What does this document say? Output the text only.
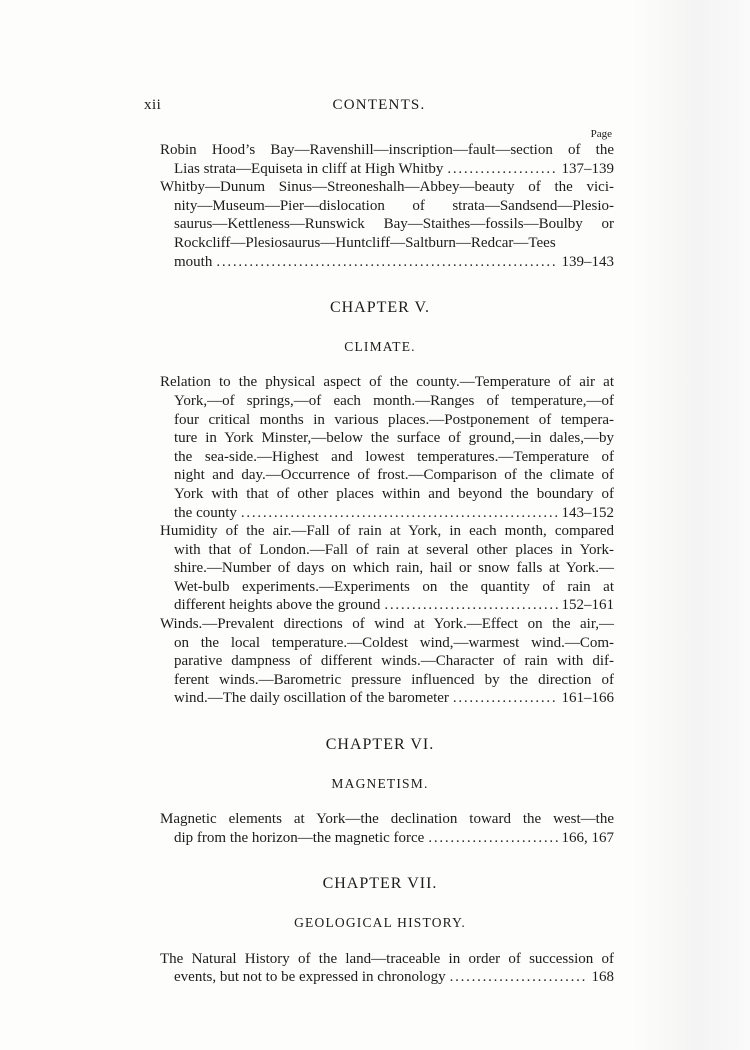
xii	CONTENTS.
Page
Robin Hood’s Bay—Ravenshill—inscription—fault—section of the
Lias strata—Equiseta in cliff at High Whitby . . .	137–139
Whitby—Dunum Sinus—Streoneshalh—Abbey—beauty of the vici-
nity—Museum—Pier—dislocation of strata—Sandsend—Plesio-
saurus—Kettleness—Runswick Bay—Staithes—fossils—Boulby or
Rockcliff—Plesiosaurus—Huntcliff—Saltburn—Redcar—Tees
mouth . . .	139–143
CHAPTER V.
CLIMATE.
Relation to the physical aspect of the county.—Temperature of air at
York,—of springs,—of each month.—Ranges of temperature,—of
four critical months in various places.—Postponement of tempera-
ture in York Minster,—below the surface of ground,—in dales,—by
the sea-side.—Highest and lowest temperatures.—Temperature of
night and day.—Occurrence of frost.—Comparison of the climate of
York with that of other places within and beyond the boundary of
the county . . .	143–152
Humidity of the air.—Fall of rain at York, in each month, compared
with that of London.—Fall of rain at several other places in York-
shire.—Number of days on which rain, hail or snow falls at York.—
Wet-bulb experiments.—Experiments on the quantity of rain at
different heights above the ground . . .	152–161
Winds.—Prevalent directions of wind at York.—Effect on the air,—
on the local temperature.—Coldest wind,—warmest wind.—Com-
parative dampness of different winds.—Character of rain with dif-
ferent winds.—Barometric pressure influenced by the direction of
wind.—The daily oscillation of the barometer . . .	161–166
CHAPTER VI.
MAGNETISM.
Magnetic elements at York—the declination toward the west—the
dip from the horizon—the magnetic force . . .	166, 167
CHAPTER VII.
GEOLOGICAL HISTORY.
The Natural History of the land—traceable in order of succession of
events, but not to be expressed in chronology . . .	168
